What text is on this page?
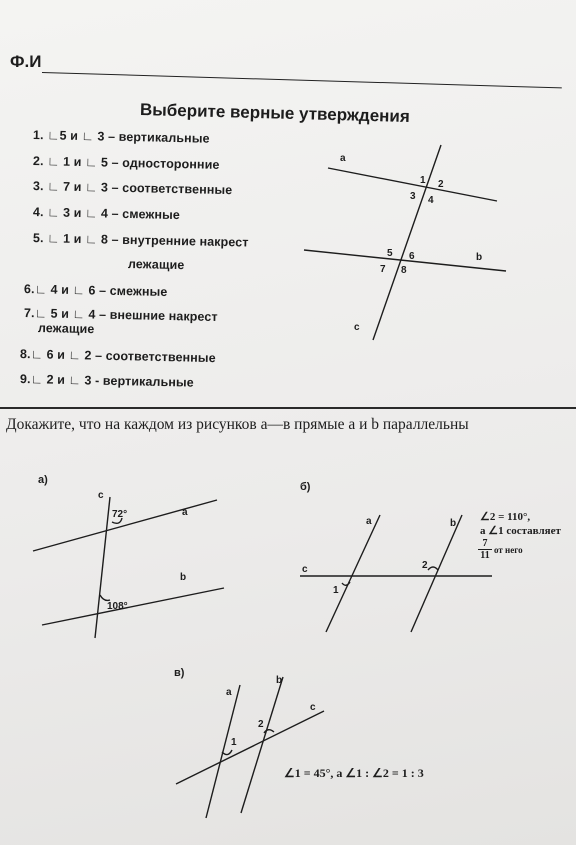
Ф.И
Выберите верные утверждения
1. ∟5 и ∟ 3 – вертикальные
2. ∟ 1 и ∟ 5 – односторонние
3. ∟ 7 и ∟ 3 – соответственные
4. ∟ 3 и ∟ 4 – смежные
5. ∟ 1 и ∟ 8 – внутренние накрест
лежащие
6.∟ 4 и ∟ 6 – смежные
7.∟ 5 и ∟ 4 – внешние накрест
лежащие
8.∟ 6 и ∟ 2 – соответственные
9.∟ 2 и ∟ 3 - вертикальные
a
b
c
1 2
3 4
5 6
7 8
Докажите, что на каждом из рисунков а—в прямые а и b параллельны
а)
c
a
b
72°
108°
б)
a	b
c
1
2
в)
a
b
c
1
2
∠2 = 110°,
а ∠1 составляет
$\frac{7}{11}$ от него
∠1 = 45°, а ∠1 : ∠2 = 1 : 3
